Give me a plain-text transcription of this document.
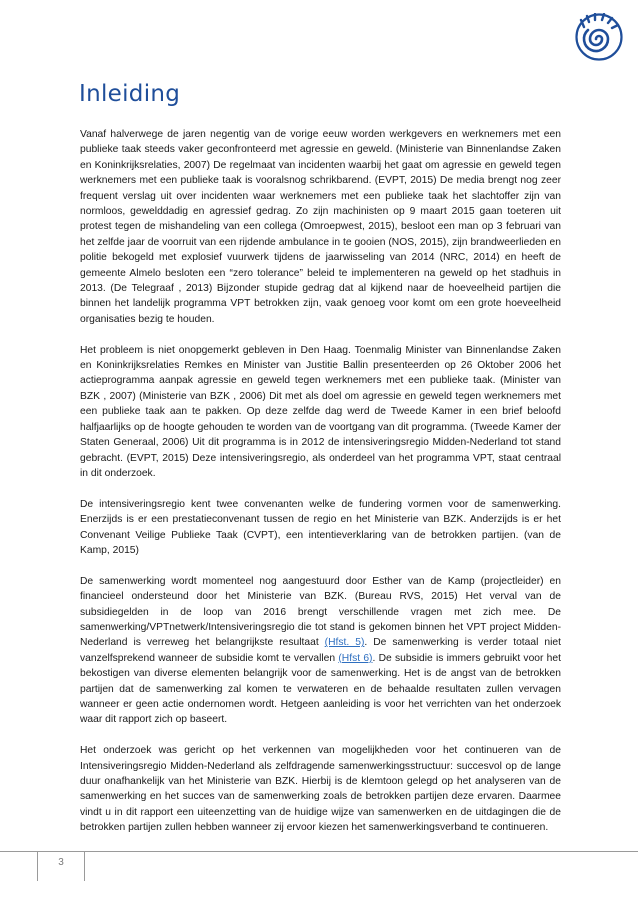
Inleiding

Vanaf halverwege de jaren negentig van de vorige eeuw worden werkgevers en werknemers met een publieke taak steeds vaker geconfronteerd met agressie en geweld. (Ministerie van Binnenlandse Zaken en Koninkrijksrelaties, 2007) De regelmaat van incidenten waarbij het gaat om agressie en geweld tegen werknemers met een publieke taak is vooralsnog schrikbarend. (EVPT, 2015) De media brengt nog zeer frequent verslag uit over incidenten waar werknemers met een publieke taak het slachtoffer zijn van normloos, gewelddadig en agressief gedrag. Zo zijn machinisten op 9 maart 2015 gaan toeteren uit protest tegen de mishandeling van een collega (Omroepwest, 2015), besloot een man op 3 februari van het zelfde jaar de voorruit van een rijdende ambulance in te gooien (NOS, 2015), zijn brandweerlieden en politie bekogeld met explosief vuurwerk tijdens de jaarwisseling van 2014 (NRC, 2014) en heeft de gemeente Almelo besloten een “zero tolerance” beleid te implementeren na geweld op het stadhuis in 2013. (De Telegraaf , 2013) Bijzonder stupide gedrag dat al kijkend naar de hoeveelheid partijen die binnen het landelijk programma VPT betrokken zijn, vaak genoeg voor komt om een grote hoeveelheid organisaties bezig te houden.

Het probleem is niet onopgemerkt gebleven in Den Haag. Toenmalig Minister van Binnenlandse Zaken en Koninkrijksrelaties Remkes en Minister van Justitie Ballin presenteerden op 26 Oktober 2006 het actieprogramma aanpak agressie en geweld tegen werknemers met een publieke taak. (Minister van BZK , 2007) (Ministerie van BZK , 2006) Dit met als doel om agressie en geweld tegen werknemers met een publieke taak aan te pakken. Op deze zelfde dag werd de Tweede Kamer in een brief beloofd halfjaarlijks op de hoogte gehouden te worden van de voortgang van dit programma. (Tweede Kamer der Staten Generaal, 2006) Uit dit programma is in 2012 de intensiveringsregio Midden-Nederland tot stand gebracht. (EVPT, 2015) Deze intensiveringsregio, als onderdeel van het programma VPT, staat centraal in dit onderzoek.

De intensiveringsregio kent twee convenanten welke de fundering vormen voor de samenwerking. Enerzijds is er een prestatieconvenant tussen de regio en het Ministerie van BZK. Anderzijds is er het Convenant Veilige Publieke Taak (CVPT), een intentieverklaring van de betrokken partijen. (van de Kamp, 2015)

De samenwerking wordt momenteel nog aangestuurd door Esther van de Kamp (projectleider) en financieel ondersteund door het Ministerie van BZK. (Bureau RVS, 2015) Het verval van de subsidiegelden in de loop van 2016 brengt verschillende vragen met zich mee. De samenwerking/VPTnetwerk/Intensiveringsregio die tot stand is gekomen binnen het VPT project Midden-Nederland is verreweg het belangrijkste resultaat (Hfst. 5). De samenwerking is verder totaal niet vanzelfsprekend wanneer de subsidie komt te vervallen (Hfst 6). De subsidie is immers gebruikt voor het bekostigen van diverse elementen belangrijk voor de samenwerking. Het is de angst van de betrokken partijen dat de samenwerking zal komen te verwateren en de behaalde resultaten zullen vervagen wanneer er geen actie ondernomen wordt. Hetgeen aanleiding is voor het verrichten van het onderzoek waar dit rapport zich op baseert.

Het onderzoek was gericht op het verkennen van mogelijkheden voor het continueren van de Intensiveringsregio Midden-Nederland als zelfdragende samenwerkingsstructuur: succesvol op de lange duur onafhankelijk van het Ministerie van BZK. Hierbij is de klemtoon gelegd op het analyseren van de samenwerking en het succes van de samenwerking zoals de betrokken partijen deze ervaren. Daarmee vindt u in dit rapport een uiteenzetting van de huidige wijze van samenwerken en de uitdagingen die de betrokken partijen zullen hebben wanneer zij ervoor kiezen het samenwerkingsverband te continueren.

3
